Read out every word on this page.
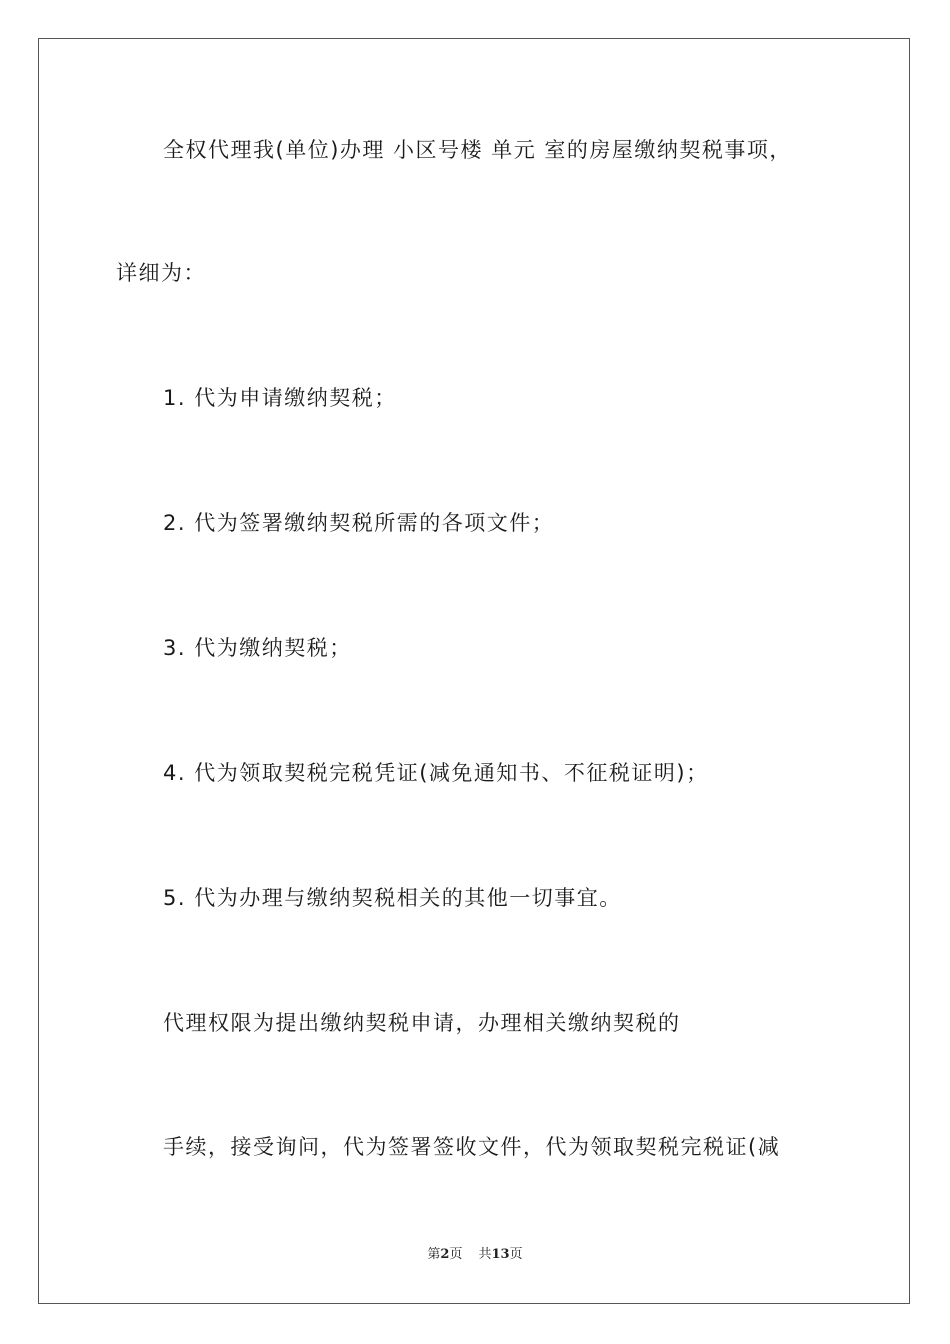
全权代理我(单位)办理 小区号楼 单元 室的房屋缴纳契税事项，
详细为：
1. 代为申请缴纳契税；
2. 代为签署缴纳契税所需的各项文件；
3. 代为缴纳契税；
4. 代为领取契税完税凭证(减免通知书、不征税证明)；
5. 代为办理与缴纳契税相关的其他一切事宜。
代理权限为提出缴纳契税申请，办理相关缴纳契税的
手续，接受询问，代为签署签收文件，代为领取契税完税证(减
第2页 共13页
